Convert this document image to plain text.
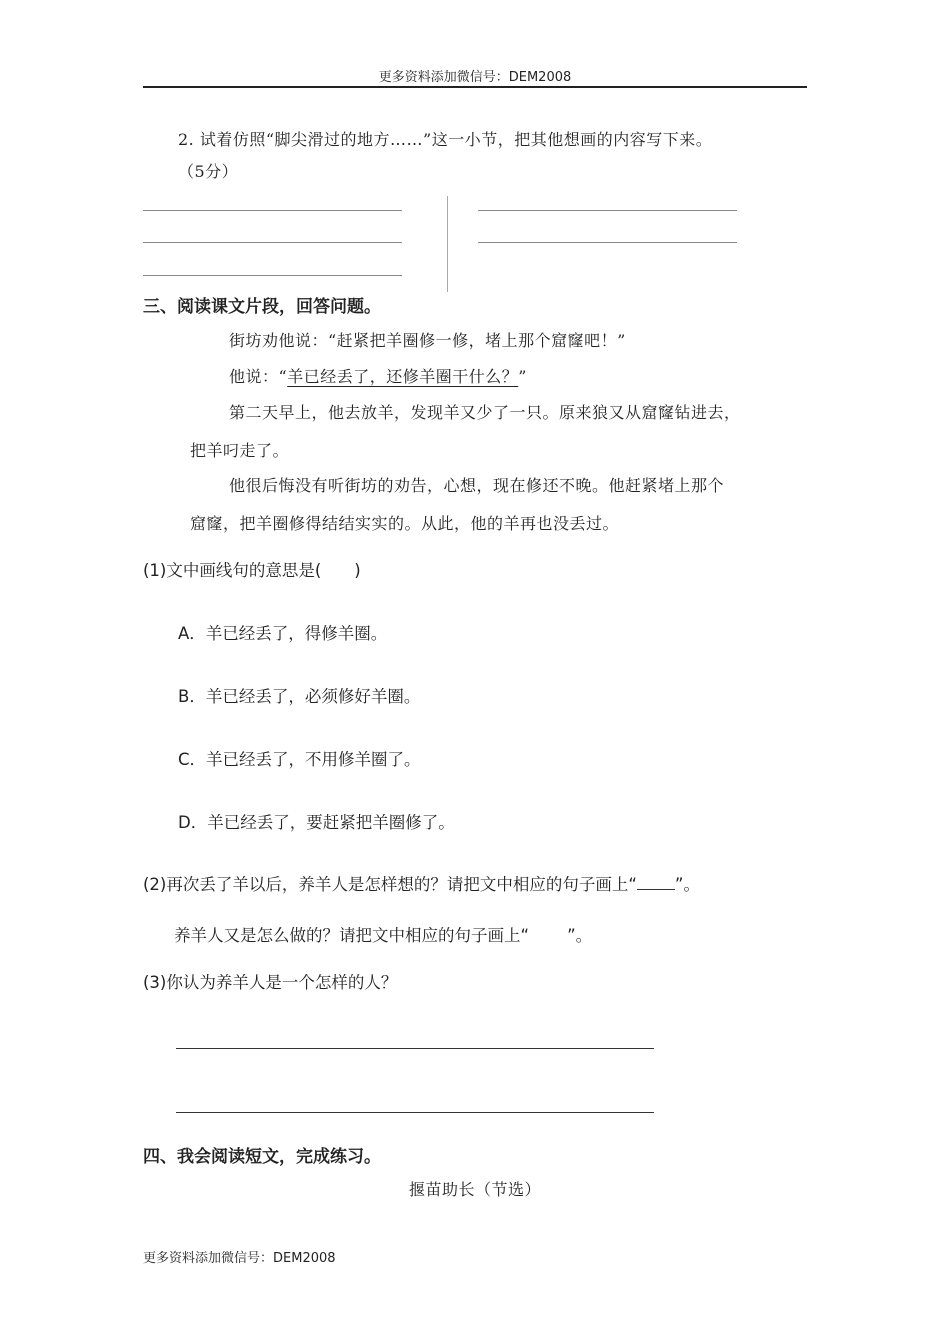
更多资料添加微信号：DEM2008
2. 试着仿照“脚尖滑过的地方……”这一小节，把其他想画的内容写下来。
（5分）
三、阅读课文片段，回答问题。
街坊劝他说：“赶紧把羊圈修一修，堵上那个窟窿吧！”
他说：“羊已经丢了，还修羊圈干什么？”
第二天早上，他去放羊，发现羊又少了一只。原来狼又从窟窿钻进去，
把羊叼走了。
他很后悔没有听街坊的劝告，心想，现在修还不晚。他赶紧堵上那个
窟窿，把羊圈修得结结实实的。从此，他的羊再也没丢过。
(1)文中画线句的意思是(　　)
A．羊已经丢了，得修羊圈。
B．羊已经丢了，必须修好羊圈。
C．羊已经丢了，不用修羊圈了。
D．羊已经丢了，要赶紧把羊圈修了。
(2)再次丢了羊以后，养羊人是怎样想的？请把文中相应的句子画上“ ”。
养羊人又是怎么做的？请把文中相应的句子画上“ ”。
(3)你认为养羊人是一个怎样的人？
四、我会阅读短文，完成练习。
揠苗助长（节选）
更多资料添加微信号：DEM2008
